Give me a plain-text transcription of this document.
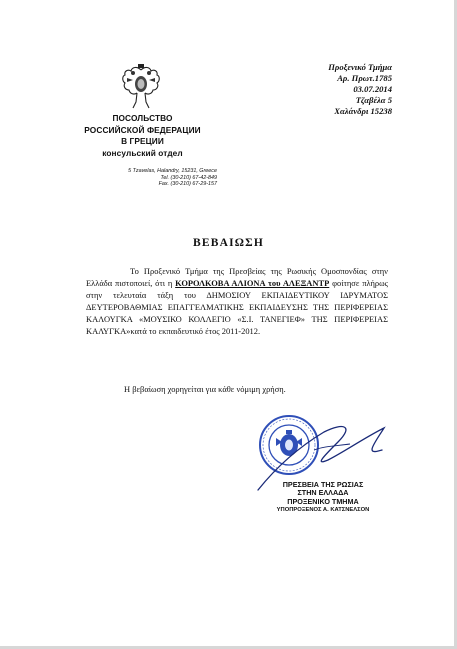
ПОСОЛЬСТВО
РОССИЙСКОЙ ФЕДЕРАЦИИ
В ГРЕЦИИ
консульский отдел
5 Tzavelas, Halandry, 15231, Greece
Tel. (30-210) 67-42-849
Fax. (30-210) 67-29-157
Προξενικό Τμήμα
Αρ. Πρωτ.1785
03.07.2014
Τζαβέλα 5
Χαλάνδρι 15238
ΒΕΒΑΙΩΣΗ
Το Προξενικό Τμήμα της Πρεσβείας της Ρωσικής Ομοσπονδίας στην Ελλάδα πιστοποιεί, ότι η ΚΟΡΟΛΚΟΒΑ ΑΛΙΟΝΑ του ΑΛΕΞΑΝΤΡ φοίτησε πλήρως στην τελευταία τάξη του ΔΗΜΟΣΙΟΥ ΕΚΠΑΙΔΕΥΤΙΚΟΥ ΙΔΡΥΜΑΤΟΣ ΔΕΥΤΕΡΟΒΑΘΜΙΑΣ ΕΠΑΓΓΕΛΜΑΤΙΚΗΣ ΕΚΠΑΙΔΕΥΣΗΣ ΤΗΣ ΠΕΡΙΦΕΡΕΙΑΣ ΚΑΛΟΥΓΚΑ «ΜΟΥΣΙΚΟ ΚΟΛΛΕΓΙΟ «Σ.Ι. ΤΑΝΕΓΙΕΦ» ΤΗΣ ΠΕΡΙΦΕΡΕΙΑΣ ΚΑΛΥΓΚΑ»κατά το εκπαιδευτικό έτος 2011-2012.
Η βεβαίωση χορηγείται για κάθε νόμιμη χρήση.
ΠΡΕΣΒΕΙΑ ΤΗΣ ΡΩΣΙΑΣ
ΣΤΗΝ ΕΛΛΑΔΑ
ΠΡΟΞΕΝΙΚΟ ΤΜΗΜΑ
ΥΠΟΠΡΟΞΕΝΟΣ Α. ΚΑΤΣΝΕΛΣΟΝ
